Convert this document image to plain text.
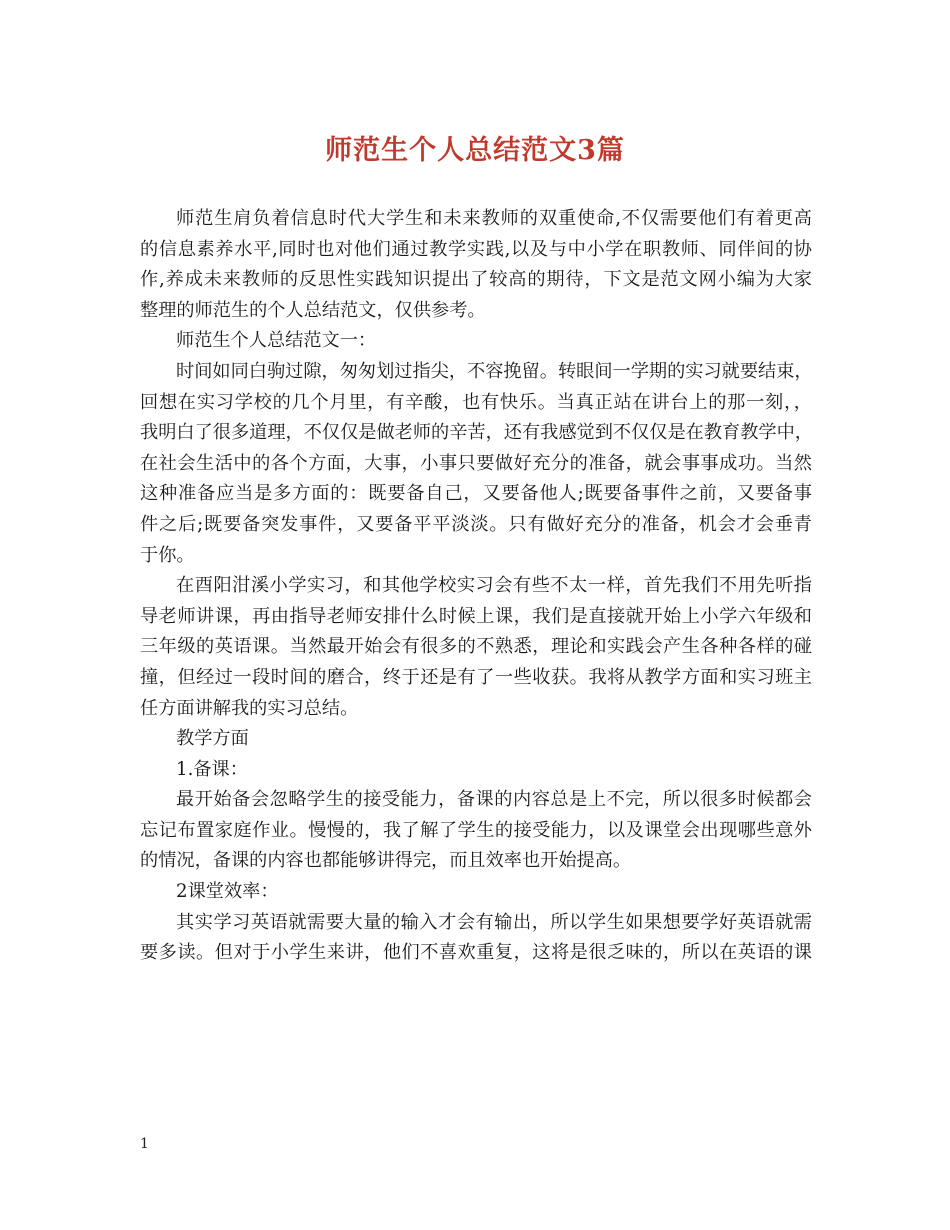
师范生个人总结范文3篇
师范生肩负着信息时代大学生和未来教师的双重使命,不仅需要他们有着更高
的信息素养水平,同时也对他们通过教学实践,以及与中小学在职教师、同伴间的协
作,养成未来教师的反思性实践知识提出了较高的期待，下文是范文网小编为大家
整理的师范生的个人总结范文，仅供参考。
师范生个人总结范文一：
时间如同白驹过隙，匆匆划过指尖，不容挽留。转眼间一学期的实习就要结束，
回想在实习学校的几个月里，有辛酸，也有快乐。当真正站在讲台上的那一刻，，
我明白了很多道理，不仅仅是做老师的辛苦，还有我感觉到不仅仅是在教育教学中，
在社会生活中的各个方面，大事，小事只要做好充分的准备，就会事事成功。当然
这种准备应当是多方面的：既要备自己，又要备他人;既要备事件之前，又要备事
件之后;既要备突发事件，又要备平平淡淡。只有做好充分的准备，机会才会垂青
于你。
在酉阳泔溪小学实习，和其他学校实习会有些不太一样，首先我们不用先听指
导老师讲课，再由指导老师安排什么时候上课，我们是直接就开始上小学六年级和
三年级的英语课。当然最开始会有很多的不熟悉，理论和实践会产生各种各样的碰
撞，但经过一段时间的磨合，终于还是有了一些收获。我将从教学方面和实习班主
任方面讲解我的实习总结。
教学方面
1.备课：
最开始备会忽略学生的接受能力，备课的内容总是上不完，所以很多时候都会
忘记布置家庭作业。慢慢的，我了解了学生的接受能力，以及课堂会出现哪些意外
的情况，备课的内容也都能够讲得完，而且效率也开始提高。
2课堂效率：
其实学习英语就需要大量的输入才会有输出，所以学生如果想要学好英语就需
要多读。但对于小学生来讲，他们不喜欢重复，这将是很乏味的，所以在英语的课
1
